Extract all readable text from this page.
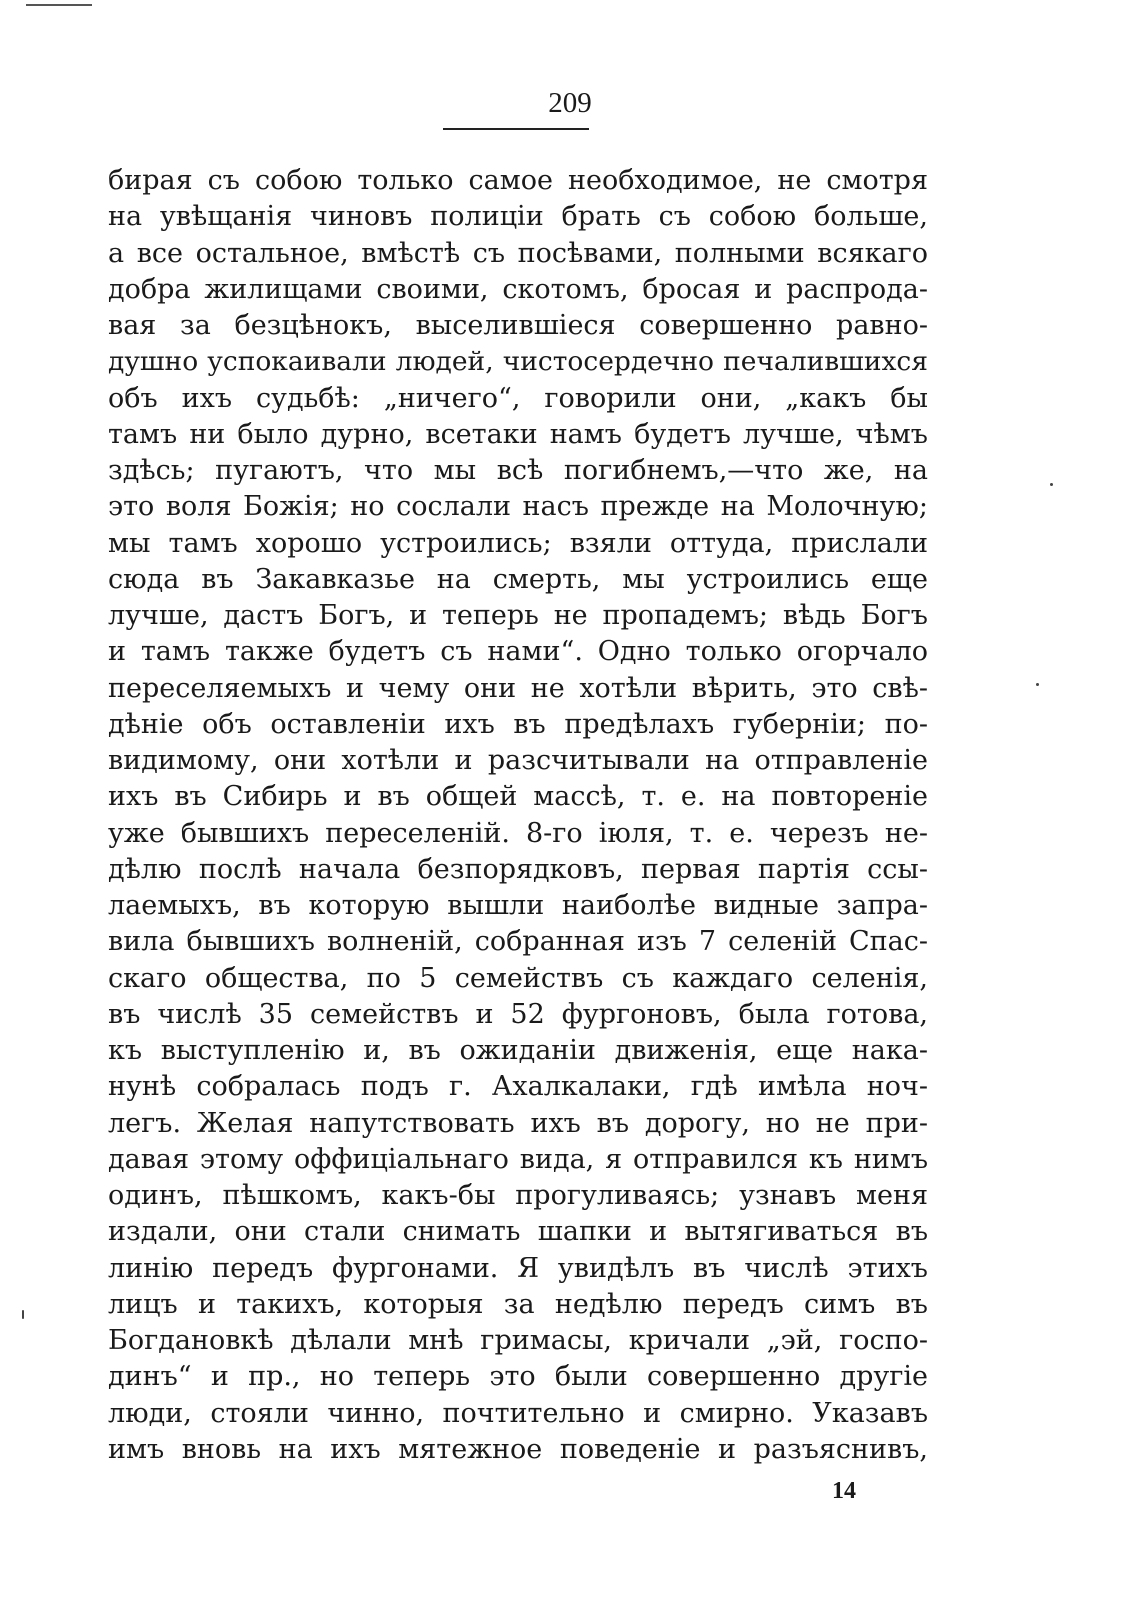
209
бирая съ собою только самое необходимое, не смотря
на увѣщанія чиновъ полиціи брать съ собою больше,
а все остальное, вмѣстѣ съ посѣвами, полными всякаго
добра жилищами своими, скотомъ, бросая и распрода-
вая за безцѣнокъ, выселившіеся совершенно равно-
душно успокаивали людей, чистосердечно печалившихся
объ ихъ судьбѣ: „ничего“, говорили они, „какъ бы
тамъ ни было дурно, всетаки намъ будетъ лучше, чѣмъ
здѣсь; пугаютъ, что мы всѣ погибнемъ,—что же, на
это воля Божія; но сослали насъ прежде на Молочную;
мы тамъ хорошо устроились; взяли оттуда, прислали
сюда въ Закавказье на смерть, мы устроились еще
лучше, дастъ Богъ, и теперь не пропадемъ; вѣдь Богъ
и тамъ также будетъ съ нами“. Одно только огорчало
переселяемыхъ и чему они не хотѣли вѣрить, это свѣ-
дѣніе объ оставленіи ихъ въ предѣлахъ губерніи; по-
видимому, они хотѣли и разсчитывали на отправленіе
ихъ въ Сибирь и въ общей массѣ, т. е. на повтореніе
уже бывшихъ переселеній. 8-го іюля, т. е. черезъ не-
дѣлю послѣ начала безпорядковъ, первая партія ссы-
лаемыхъ, въ которую вышли наиболѣе видные запра-
вила бывшихъ волненій, собранная изъ 7 селеній Спас-
скаго общества, по 5 семействъ съ каждаго селенія,
въ числѣ 35 семействъ и 52 фургоновъ, была готова,
къ выступленію и, въ ожиданіи движенія, еще нака-
нунѣ собралась подъ г. Ахалкалаки, гдѣ имѣла ноч-
легъ. Желая напутствовать ихъ въ дорогу, но не при-
давая этому оффиціальнаго вида, я отправился къ нимъ
одинъ, пѣшкомъ, какъ-бы прогуливаясь; узнавъ меня
издали, они стали снимать шапки и вытягиваться въ
линію передъ фургонами. Я увидѣлъ въ числѣ этихъ
лицъ и такихъ, которыя за недѣлю передъ симъ въ
Богдановкѣ дѣлали мнѣ гримасы, кричали „эй, госпо-
динъ“ и пр., но теперь это были совершенно другіе
люди, стояли чинно, почтительно и смирно. Указавъ
имъ вновь на ихъ мятежное поведеніе и разъяснивъ,
14
